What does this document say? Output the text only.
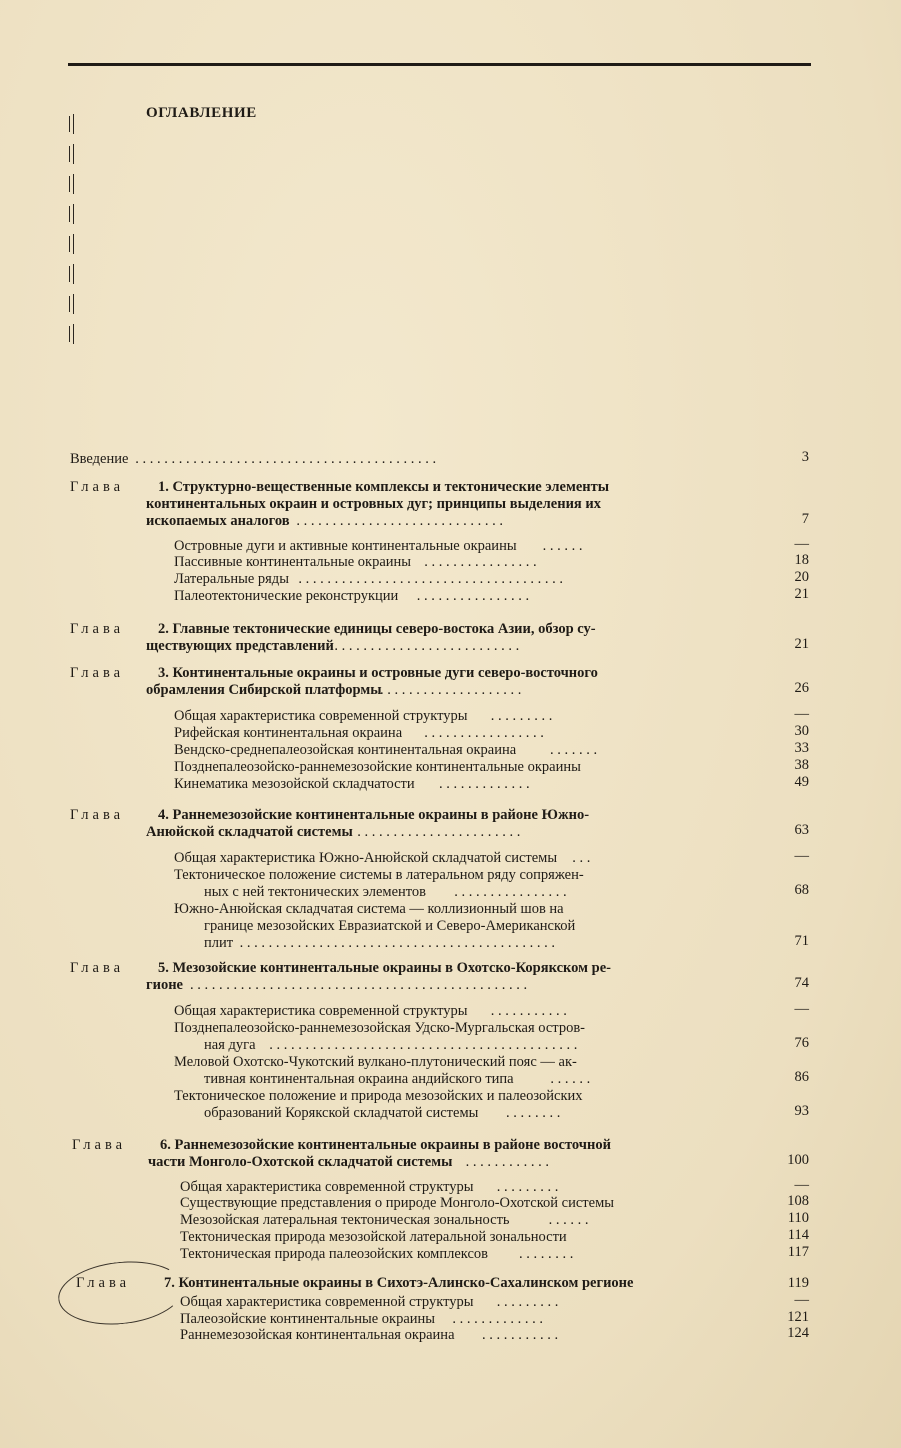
ОГЛАВЛЕНИЕ
Введение . . . . . . . . . . . . . . . . . . . . . . . . . . . . . . . . . . . . . . . . . .	3
Глава 1. Структурно-вещественные комплексы и тектонические элементы
континентальных окраин и островных дуг; принципы выделения их
ископаемых аналогов . . . . . . . . . . . . . . . . . . . . . . . . . . . . .	7
Островные дуги и активные континентальные окраины . . . . . .	—
Пассивные континентальные окраины . . . . . . . . . . . . . . . .	18
Латеральные ряды . . . . . . . . . . . . . . . . . . . . . . . . . . . . . . . . . . . . .	20
Палеотектонические реконструкции . . . . . . . . . . . . . . . .	21
Глава 2. Главные тектонические единицы северо-востока Азии, обзор су-
ществующих представлений . . . . . . . . . . . . . . . . . . . . . . . . . .	21
Глава 3. Континентальные окраины и островные дуги северо-восточного
обрамления Сибирской платформы
. . . . . . . . . . . . . . . . . . . .	26
Общая характеристика современной структуры . . . . . . . . .	—
Рифейская континентальная окраина . . . . . . . . . . . . . . . . .	30
Вендско-среднепалеозойская континентальная окраина . . . . . . .	33
Позднепалеозойско-раннемезозойские континентальные окраины	38
Кинематика мезозойской складчатости . . . . . . . . . . . . .	49
Глава 4. Раннемезозойские континентальные окраины в районе Южно-
Анюйской складчатой системы . . . . . . . . . . . . . . . . . . . . . . .	63
Общая характеристика Южно-Анюйской складчатой системы . . .	—
Тектоническое положение системы в латеральном ряду сопряжен-
ных с ней тектонических элементов . . . . . . . . . . . . . . . .	68
Южно-Анюйская складчатая система — коллизионный шов на
границе мезозойских Евразиатской и Северо-Американской
плит . . . . . . . . . . . . . . . . . . . . . . . . . . . . . . . . . . . . . . . . . . . .	71
Глава 5. Мезозойские континентальные окраины в Охотско-Корякском ре-
гионе . . . . . . . . . . . . . . . . . . . . . . . . . . . . . . . . . . . . . . . . . . . . . . .	74
Общая характеристика современной структуры . . . . . . . . . . .	—
Позднепалеозойско-раннемезозойская Удско-Мургальская остров-
ная дуга . . . . . . . . . . . . . . . . . . . . . . . . . . . . . . . . . . . . . . . . . . .	76
Меловой Охотско-Чукотский вулкано-плутонический пояс — ак-
тивная континентальная окраина андийского типа	. . . . . .	86
Тектоническое положение и природа мезозойских и палеозойских
образований Корякской складчатой системы . . . . . . . .	93
Глава 6. Раннемезозойские континентальные окраины в районе восточной
части Монголо-Охотской складчатой системы . . . . . . . . . . . .	100
Общая характеристика современной структуры . . . . . . . . .	—
Существующие представления о природе Монголо-Охотской системы	108
Мезозойская латеральная тектоническая зональность	. . . . . .	110
Тектоническая природа мезозойской латеральной зональности	114
Тектоническая природа палеозойских комплексов . . . . . . . .	117
Глава 7. Континентальные окраины в Сихотэ-Алинско-Сахалинском регионе	119
Общая характеристика современной структуры . . . . . . . . .	—
Палеозойские континентальные окраины . . . . . . . . . . . . .	121
Раннемезозойская континентальная окраина . . . . . . . . . . .	124
